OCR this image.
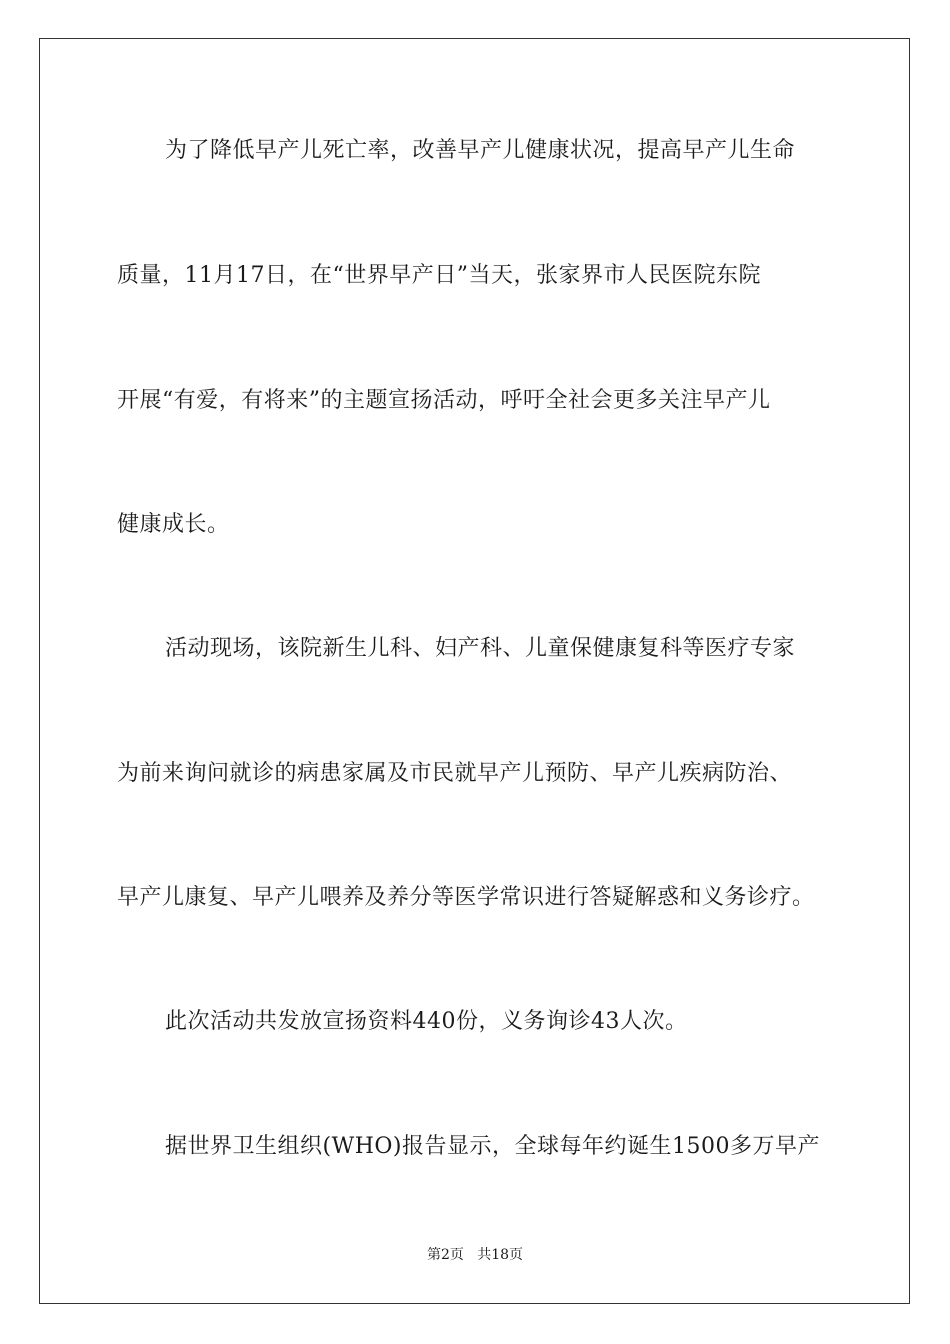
为了降低早产儿死亡率，改善早产儿健康状况，提高早产儿生命
质量，11月17日，在“世界早产日”当天，张家界市人民医院东院
开展“有爱，有将来”的主题宣扬活动，呼吁全社会更多关注早产儿
健康成长。
活动现场，该院新生儿科、妇产科、儿童保健康复科等医疗专家
为前来询问就诊的病患家属及市民就早产儿预防、早产儿疾病防治、
早产儿康复、早产儿喂养及养分等医学常识进行答疑解惑和义务诊疗。
此次活动共发放宣扬资料440份，义务询诊43人次。
据世界卫生组织(WHO)报告显示，全球每年约诞生1500多万早产
第2页 共18页
